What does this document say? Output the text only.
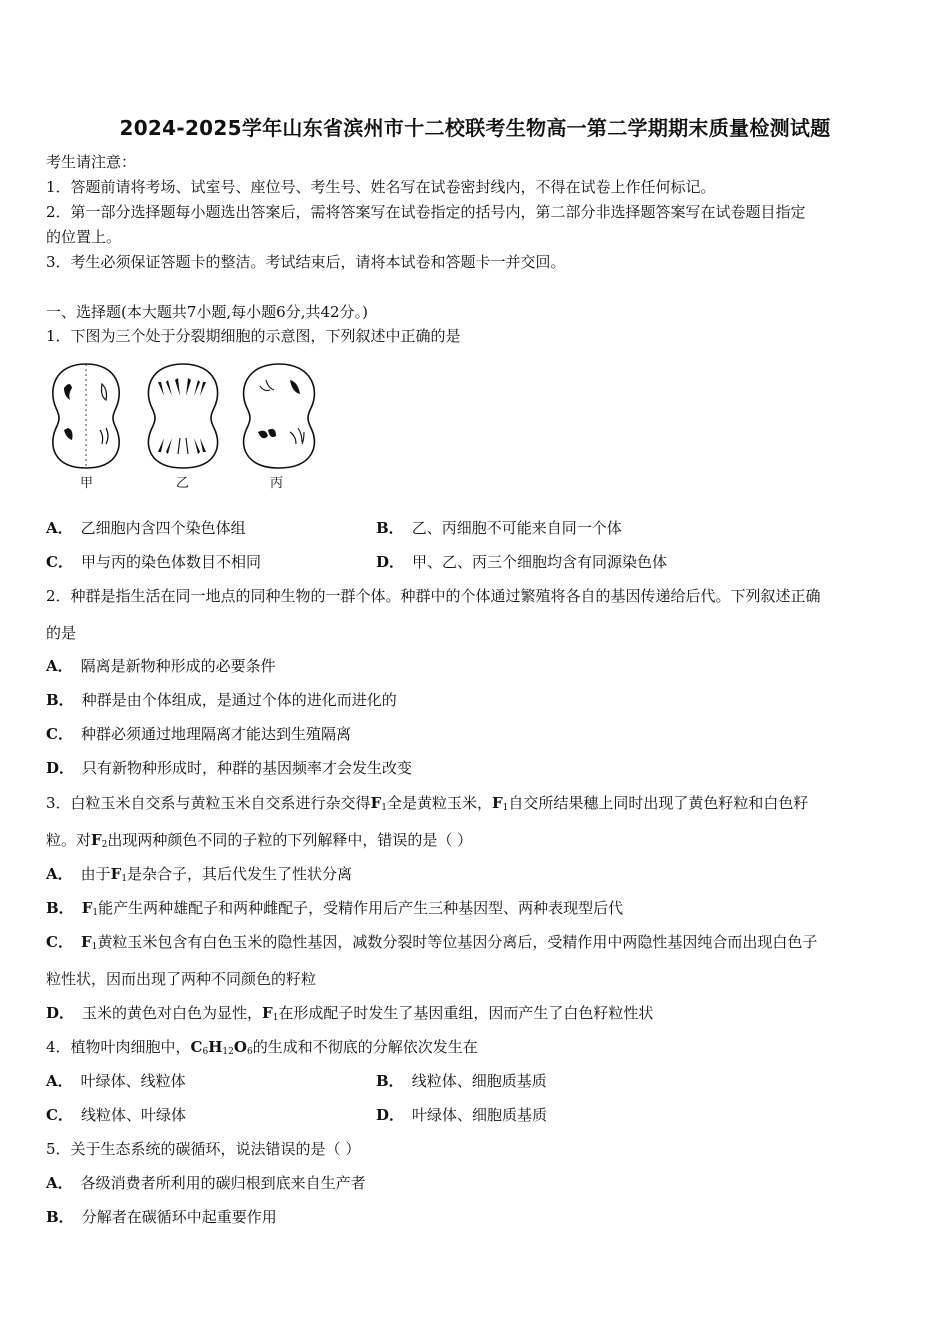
2024-2025学年山东省滨州市十二校联考生物高一第二学期期末质量检测试题
考生请注意：
1．答题前请将考场、试室号、座位号、考生号、姓名写在试卷密封线内，不得在试卷上作任何标记。
2．第一部分选择题每小题选出答案后，需将答案写在试卷指定的括号内，第二部分非选择题答案写在试卷题目指定
的位置上。
3．考生必须保证答题卡的整洁。考试结束后，请将本试卷和答题卡一并交回。
一、选择题(本大题共7小题,每小题6分,共42分。)
1．下图为三个处于分裂期细胞的示意图，下列叙述中正确的是
甲	乙	丙
A． 乙细胞内含四个染色体组	B． 乙、丙细胞不可能来自同一个体
C． 甲与丙的染色体数目不相同	D． 甲、乙、丙三个细胞均含有同源染色体
2．种群是指生活在同一地点的同种生物的一群个体。种群中的个体通过繁殖将各自的基因传递给后代。下列叙述正确
的是
A． 隔离是新物种形成的必要条件
B． 种群是由个体组成，是通过个体的进化而进化的
C． 种群必须通过地理隔离才能达到生殖隔离
D． 只有新物种形成时，种群的基因频率才会发生改变
3．白粒玉米自交系与黄粒玉米自交系进行杂交得$F_1$全是黄粒玉米，$F_1$自交所结果穗上同时出现了黄色籽粒和白色籽
粒。对$F_2$出现两种颜色不同的子粒的下列解释中，错误的是（ ）
A． 由于$F_1$是杂合子，其后代发生了性状分离
B． $F_1$能产生两种雄配子和两种雌配子，受精作用后产生三种基因型、两种表现型后代
C． $F_1$黄粒玉米包含有白色玉米的隐性基因，减数分裂时等位基因分离后，受精作用中两隐性基因纯合而出现白色子
粒性状，因而出现了两种不同颜色的籽粒
D． 玉米的黄色对白色为显性，$F_1$在形成配子时发生了基因重组，因而产生了白色籽粒性状
4．植物叶肉细胞中，$C_6H_{12}O_6$的生成和不彻底的分解依次发生在
A． 叶绿体、线粒体	B． 线粒体、细胞质基质
C． 线粒体、叶绿体	D． 叶绿体、细胞质基质
5．关于生态系统的碳循环，说法错误的是（ ）
A． 各级消费者所利用的碳归根到底来自生产者
B． 分解者在碳循环中起重要作用
